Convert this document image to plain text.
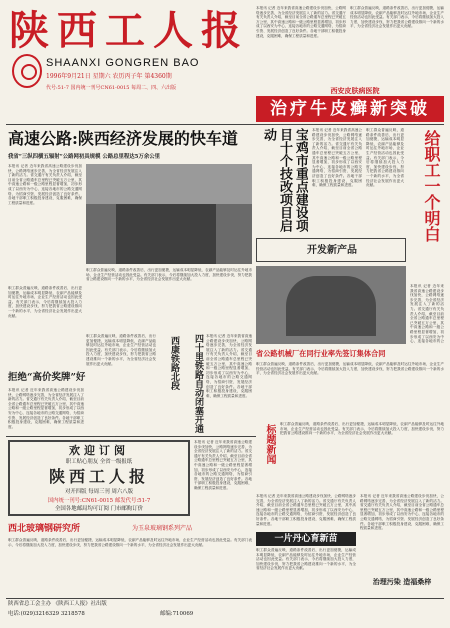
陕西工人报
SHAANXI GONGREN BAO
1996年9月21日 星期六 农历丙子年 第4360期
代号:51-7 国内统一刊号CN61-0015 每周二、四、六出版
本报讯 记者 近年来我省高速公路建设步伐加快，公路网络逐步完善，为全省经济发展注入了新的活力。省交通厅有关负责人介绍，截至目前全省公路通车总里程已突破五万公里，其中高速公路和一级公路里程显著增加，初步形成了以西安为中心，连接各地市的公路交通网络，为招商引资、发展经济创造了良好条件。各地干部职工积极投身建设，克服困难，确保工程质量和进度。
职工群众普遍反映，道路条件改善后，出行更加便捷，运输成本明显降低，农副产品能够及时运往外地市场，企业生产经营活动也因此受益。有关部门表示，今后将继续加大投入力度，加快建设步伐，努力把我省公路建设推向一个新的水平，为全省经济社会发展作出更大贡献。
西安皮肤病医院
治疗牛皮癣新突破
高速公路:陕西经济发展的快车道
我省“三纵四横五辐射”公路网初具规模 公路总里程达5万余公里
本报讯 记者 近年来我省高速公路建设步伐加快，公路网络逐步完善，为全省经济发展注入了新的活力。省交通厅有关负责人介绍，截至目前全省公路通车总里程已突破五万公里，其中高速公路和一级公路里程显著增加，初步形成了以西安为中心，连接各地市的公路交通网络，为招商引资、发展经济创造了良好条件。各地干部职工积极投身建设，克服困难，确保工程质量和进度。
职工群众普遍反映，道路条件改善后，出行更加便捷，运输成本明显降低，农副产品能够及时运往外地市场，企业生产经营活动也因此受益。有关部门表示，今后将继续加大投入力度，加快建设步伐，努力把我省公路建设推向一个新的水平，为全省经济社会发展作出更大贡献。
职工群众普遍反映，道路条件改善后，出行更加便捷，运输成本明显降低，农副产品能够及时运往外地市场，企业生产经营活动也因此受益。有关部门表示，今后将继续加大投入力度，加快建设步伐，努力把我省公路建设推向一个新的水平，为全省经济社会发展作出更大贡献。
宝鸡市重点建设项目十个技改项目启动	本报讯 记者 近年来我省高速公路建设步伐加快，公路网络逐步完善，为全省经济发展注入了新的活力。省交通厅有关负责人介绍，截至目前全省公路通车总里程已突破五万公里，其中高速公路和一级公路里程显著增加，初步形成了以西安为中心，连接各地市的公路交通网络，为招商引资、发展经济创造了良好条件。各地干部职工积极投身建设，克服困难，确保工程质量和进度。
职工群众普遍反映，道路条件改善后，出行更加便捷，运输成本明显降低，农副产品能够及时运往外地市场，企业生产经营活动也因此受益。有关部门表示，今后将继续加大投入力度，加快建设步伐，努力把我省公路建设推向一个新的水平，为全省经济社会发展作出更大贡献。	给职工一个明白
开发新产品
本报讯 记者 近年来我省高速公路建设步伐加快，公路网络逐步完善，为全省经济发展注入了新的活力。省交通厅有关负责人介绍，截至目前全省公路通车总里程已突破五万公里，其中高速公路和一级公路里程显著增加，初步形成了以西安为中心，连接各地市的公
省公路机械厂在同行业率先签订集体合同
职工群众普遍反映，道路条件改善后，出行更加便捷，运输成本明显降低，农副产品能够及时运往外地市场，企业生产经营活动也因此受益。有关部门表示，今后将继续加大投入力度，加快建设步伐，努力把我省公路建设推向一个新的水平，为全省经济社会发展作出更大贡献。
四十里铁路自动闭塞开通
西康铁路北段	本报讯 记者 近年来我省高速公路建设步伐加快，公路网络逐步完善，为全省经济发展注入了新的活力。省交通厅有关负责人介绍，截至目前全省公路通车总里程已突破五万公里，其中高速公路和一级公路里程显著增加，初步形成了以西安为中心，连接各地市的公路交通网络，为招商引资、发展经济创造了良好条件。各地干部职工积极投身建设，克服困难，确保工程质量和进度。
职工群众普遍反映，道路条件改善后，出行更加便捷，运输成本明显降低，农副产品能够及时运往外地市场，企业生产经营活动也因此受益。有关部门表示，今后将继续加大投入力度，加快建设步伐，努力把我省公路建设推向一个新的水平，为全省经济社会发展作出更大贡献。
拒绝“高价奖牌”好
本报讯 记者 近年来我省高速公路建设步伐加快，公路网络逐步完善，为全省经济发展注入了新的活力。省交通厅有关负责人介绍，截至目前全省公路通车总里程已突破五万公里，其中高速公路和一级公路里程显著增加，初步形成了以西安为中心，连接各地市的公路交通网络，为招商引资、发展经济创造了良好条件。各地干部职工积极投身建设，克服困难，确保工程质量和进度。
欢迎订阅
职工贴心朋友 全省一级报纸
陕西工人报
对开四版 每周三刊 周六八版
国内统一刊号:CN61-0015 邮发代号:51-7
全国各地邮局均可订阅 门市邮购订价
本报讯 记者 近年来我省高速公路建设步伐加快，公路网络逐步完善，为全省经济发展注入了新的活力。省交通厅有关负责人介绍，截至目前全省公路通车总里程已突破五万公里，其中高速公路和一级公路里程显著增加，初步形成了以西安为中心，连接各地市的公路交通网络，为招商引资、发展经济创造了良好条件。各地干部职工积极投身建设，克服困难，确保工程质量和进度。
标题新闻 职工群众普遍反映，道路条件改善后，出行更加便捷，运输成本明显降低，农副产品能够及时运往外地市场，企业生产经营活动也因此受益。有关部门表示，今后将继续加大投入力度，加快建设步伐，努力把我省公路建设推向一个新的水平，为全省经济社会发展作出更大贡献。
西北玻璃钢研究所	为玉泉玻璃钢系列产品
职工群众普遍反映，道路条件改善后，出行更加便捷，运输成本明显降低，农副产品能够及时运往外地市场，企业生产经营活动也因此受益。有关部门表示，今后将继续加大投入力度，加快建设步伐，努力把我省公路建设推向一个新的水平，为全省经济社会发展作出更大贡献。
一片丹心育新苗
本报讯 记者 近年来我省高速公路建设步伐加快，公路网络逐步完善，为全省经济发展注入了新的活力。省交通厅有关负责人介绍，截至目前全省公路通车总里程已突破五万公里，其中高速公路和一级公路里程显著增加，初步形成了以西安为中心，连接各地市的公路交通网络，为招商引资、发展经济创造了良好条件。各地干部职工积极投身建设，克服困难，确保工程质量和进度。
职工群众普遍反映，道路条件改善后，出行更加便捷，运输成本明显降低，农副产品能够及时运往外地市场，企业生产经营活动也因此受益。有关部门表示，今后将继续加大投入力度，加快建设步伐，努力把我省公路建设推向一个新的水平，为全省经济社会发展作出更大贡献。
本报讯 记者 近年来我省高速公路建设步伐加快，公路网络逐步完善，为全省经济发展注入了新的活力。省交通厅有关负责人介绍，截至目前全省公路通车总里程已突破五万公里，其中高速公路和一级公路里程显著增加，初步形成了以西安为中心，连接各地市的公路交通网络，为招商引资、发展经济创造了良好条件。各地干部职工积极投身建设，克服困难，确保工程质量和进度。
治理污染 造福桑梓
陕西省总工会主办 《陕西工人报》社出版
电话:(029)3216329 3218578	邮编:710069
